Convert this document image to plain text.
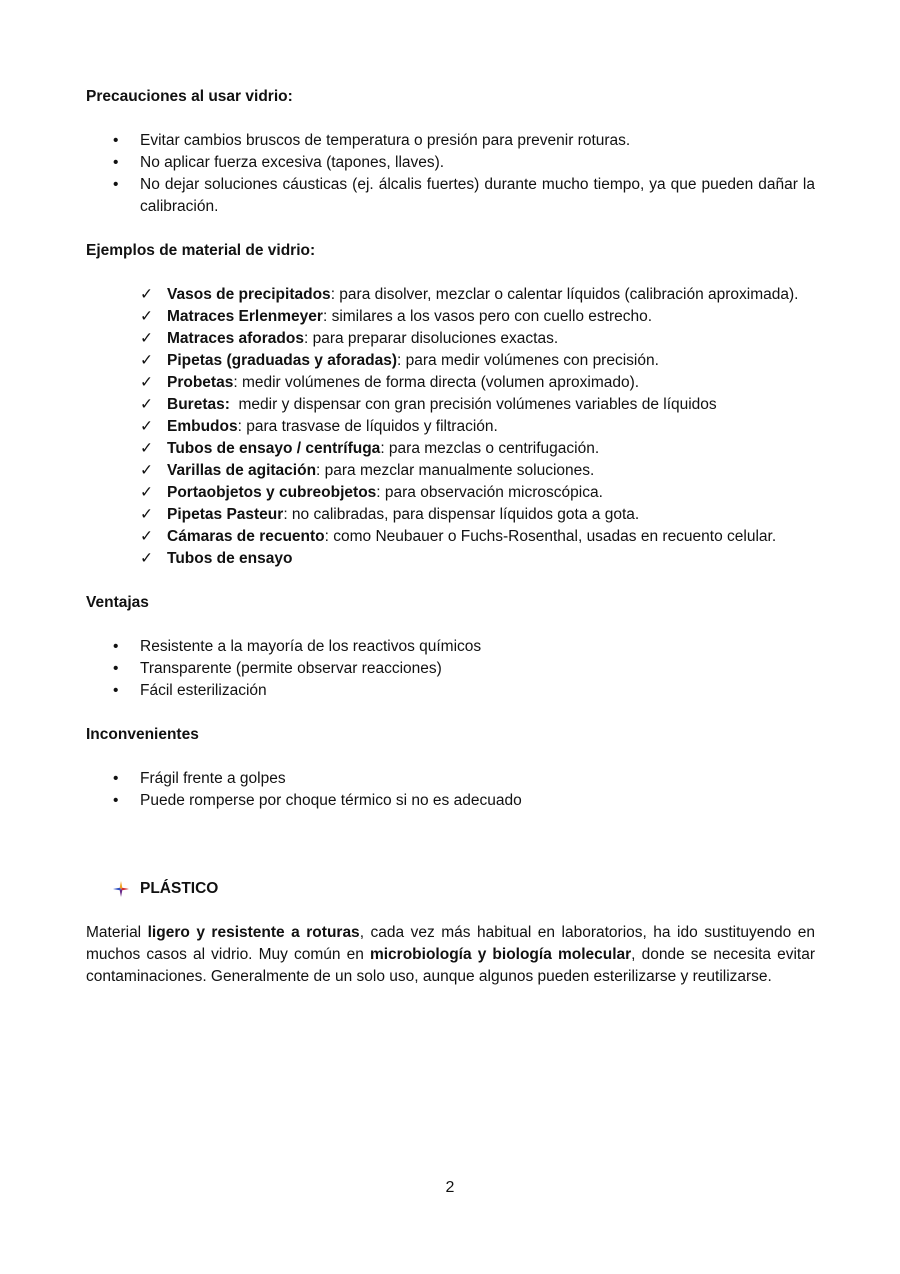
Precauciones al usar vidrio:
• Evitar cambios bruscos de temperatura o presión para prevenir roturas.
• No aplicar fuerza excesiva (tapones, llaves).
• No dejar soluciones cáusticas (ej. álcalis fuertes) durante mucho tiempo, ya que pueden dañar la calibración.
Ejemplos de material de vidrio:
✓ Vasos de precipitados: para disolver, mezclar o calentar líquidos (calibración aproximada).
✓ Matraces Erlenmeyer: similares a los vasos pero con cuello estrecho.
✓ Matraces aforados: para preparar disoluciones exactas.
✓ Pipetas (graduadas y aforadas): para medir volúmenes con precisión.
✓ Probetas: medir volúmenes de forma directa (volumen aproximado).
✓ Buretas:  medir y dispensar con gran precisión volúmenes variables de líquidos
✓ Embudos: para trasvase de líquidos y filtración.
✓ Tubos de ensayo / centrífuga: para mezclas o centrifugación.
✓ Varillas de agitación: para mezclar manualmente soluciones.
✓ Portaobjetos y cubreobjetos: para observación microscópica.
✓ Pipetas Pasteur: no calibradas, para dispensar líquidos gota a gota.
✓ Cámaras de recuento: como Neubauer o Fuchs-Rosenthal, usadas en recuento celular.
✓ Tubos de ensayo
Ventajas
• Resistente a la mayoría de los reactivos químicos
• Transparente (permite observar reacciones)
• Fácil esterilización
Inconvenientes
• Frágil frente a golpes
• Puede romperse por choque térmico si no es adecuado
PLÁSTICO

Material ligero y resistente a roturas, cada vez más habitual en laboratorios, ha ido sustituyendo en muchos casos al vidrio. Muy común en microbiología y biología molecular, donde se necesita evitar contaminaciones. Generalmente de un solo uso, aunque algunos pueden esterilizarse y reutilizarse.

2
